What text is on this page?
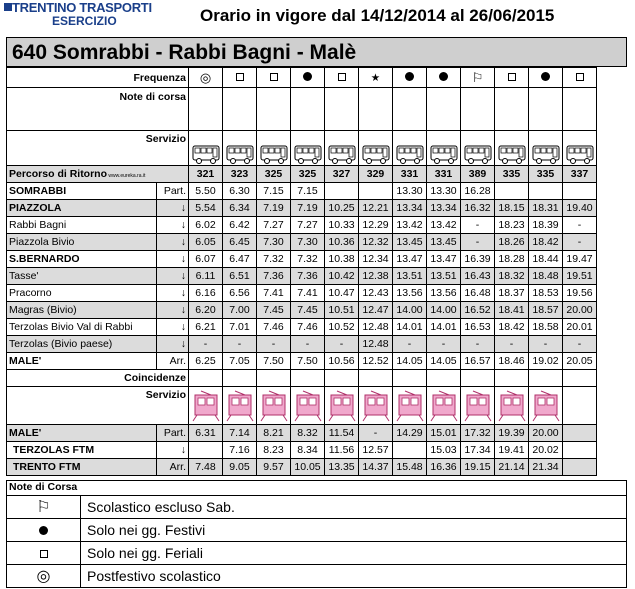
TRENTINO TRASPORTI
ESERCIZIO	Orario in vigore dal 14/12/2014 al 26/06/2015
640 Somrabbi - Rabbi Bagni - Malè
Frequenza		◎					★			⚐			
Note di corsa													
Servizio	

Percorso di Ritorno www.eureka.ra.it		321	323	325	325	327	329	331	331	389	335	335	337
SOMRABBI	Part.	5.50	6.30	7.15	7.15			13.30	13.30	16.28			
PIAZZOLA	↓	5.54	6.34	7.19	7.19	10.25	12.21	13.34	13.34	16.32	18.15	18.31	19.40
Rabbi Bagni	↓	6.02	6.42	7.27	7.27	10.33	12.29	13.42	13.42	-	18.23	18.39	-
Piazzola Bivio	↓	6.05	6.45	7.30	7.30	10.36	12.32	13.45	13.45	-	18.26	18.42	-
S.BERNARDO	↓	6.07	6.47	7.32	7.32	10.38	12.34	13.47	13.47	16.39	18.28	18.44	19.47
Tasse'	↓	6.11	6.51	7.36	7.36	10.42	12.38	13.51	13.51	16.43	18.32	18.48	19.51
Pracorno	↓	6.16	6.56	7.41	7.41	10.47	12.43	13.56	13.56	16.48	18.37	18.53	19.56
Magras (Bivio)	↓	6.20	7.00	7.45	7.45	10.51	12.47	14.00	14.00	16.52	18.41	18.57	20.00
Terzolas Bivio Val di Rabbi	↓	6.21	7.01	7.46	7.46	10.52	12.48	14.01	14.01	16.53	18.42	18.58	20.01
Terzolas (Bivio paese)	↓	-	-	-	-	-	12.48	-	-	-	-	-	-
MALE'	Arr.	6.25	7.05	7.50	7.50	10.56	12.52	14.05	14.05	16.57	18.46	19.02	20.05
Coincidenze													
Servizio	

MALE'	Part.	6.31	7.14	8.21	8.32	11.54	-	14.29	15.01	17.32	19.39	20.00	
TERZOLAS FTM	↓		7.16	8.23	8.34	11.56	12.57		15.03	17.34	19.41	20.02	
TRENTO FTM	Arr.	7.48	9.05	9.57	10.05	13.35	14.37	15.48	16.36	19.15	21.14	21.34	
Note di Corsa
⚐	Scolastico escluso Sab.
	Solo nei gg. Festivi
	Solo nei gg. Feriali
◎	Postfestivo scolastico
